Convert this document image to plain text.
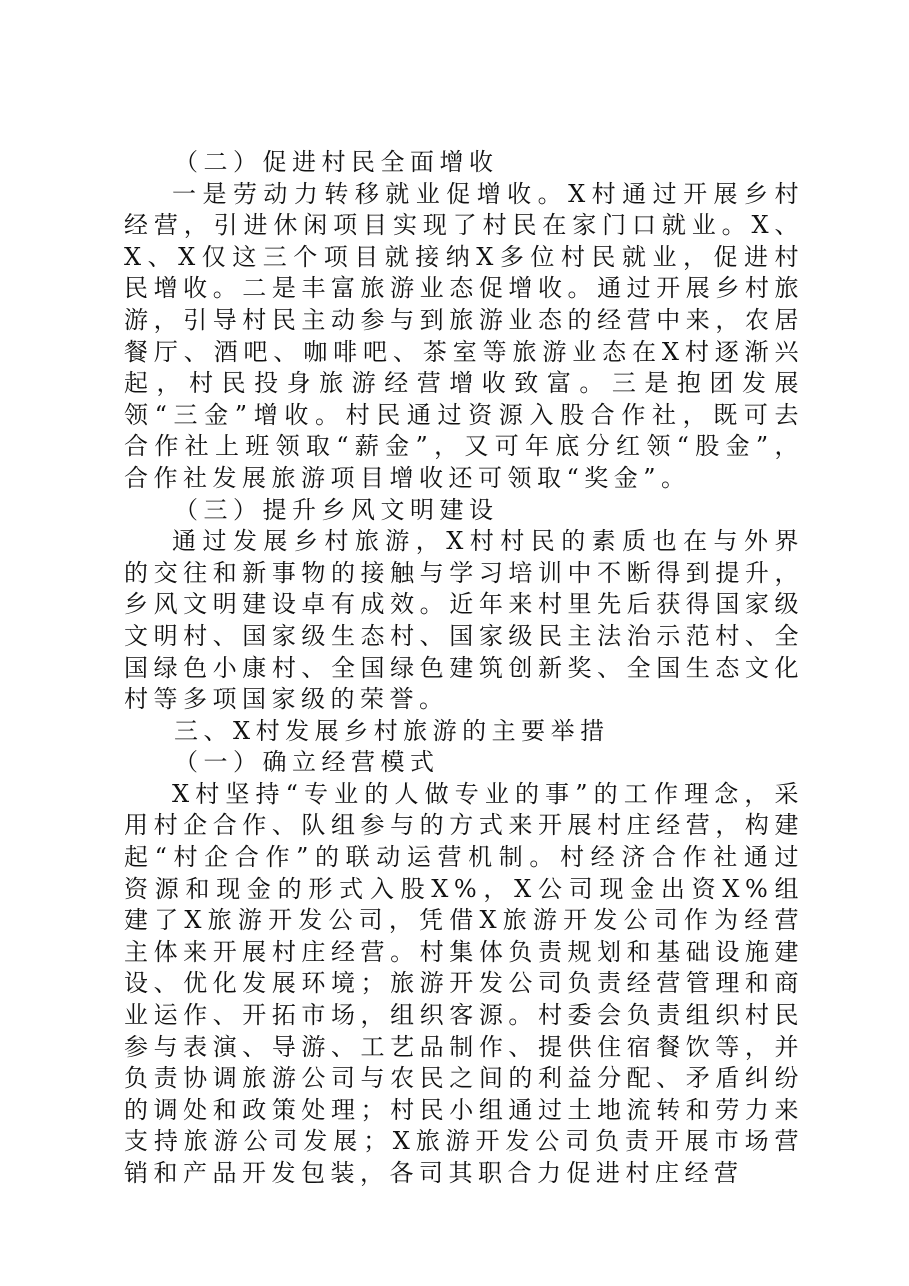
（二）促进村民全面增收

一是劳动力转移就业促增收。X村通过开展乡村经营，引进休闲项目实现了村民在家门口就业。X、X、X仅这三个项目就接纳X多位村民就业，促进村民增收。二是丰富旅游业态促增收。通过开展乡村旅游，引导村民主动参与到旅游业态的经营中来，农居餐厅、酒吧、咖啡吧、茶室等旅游业态在X村逐渐兴起，村民投身旅游经营增收致富。三是抱团发展领“三金”增收。村民通过资源入股合作社，既可去合作社上班领取“薪金”，又可年底分红领“股金”，合作社发展旅游项目增收还可领取“奖金”。

（三）提升乡风文明建设

通过发展乡村旅游，X村村民的素质也在与外界的交往和新事物的接触与学习培训中不断得到提升，乡风文明建设卓有成效。近年来村里先后获得国家级文明村、国家级生态村、国家级民主法治示范村、全国绿色小康村、全国绿色建筑创新奖、全国生态文化村等多项国家级的荣誉。

三、X村发展乡村旅游的主要举措

（一）确立经营模式

X村坚持“专业的人做专业的事”的工作理念，采用村企合作、队组参与的方式来开展村庄经营，构建起“村企合作”的联动运营机制。村经济合作社通过资源和现金的形式入股X%，X公司现金出资X%组建了X旅游开发公司，凭借X旅游开发公司作为经营主体来开展村庄经营。村集体负责规划和基础设施建设、优化发展环境；旅游开发公司负责经营管理和商业运作、开拓市场，组织客源。村委会负责组织村民参与表演、导游、工艺品制作、提供住宿餐饮等，并负责协调旅游公司与农民之间的利益分配、矛盾纠纷的调处和政策处理；村民小组通过土地流转和劳力来支持旅游公司发展；X旅游开发公司负责开展市场营销和产品开发包装，各司其职合力促进村庄经营
